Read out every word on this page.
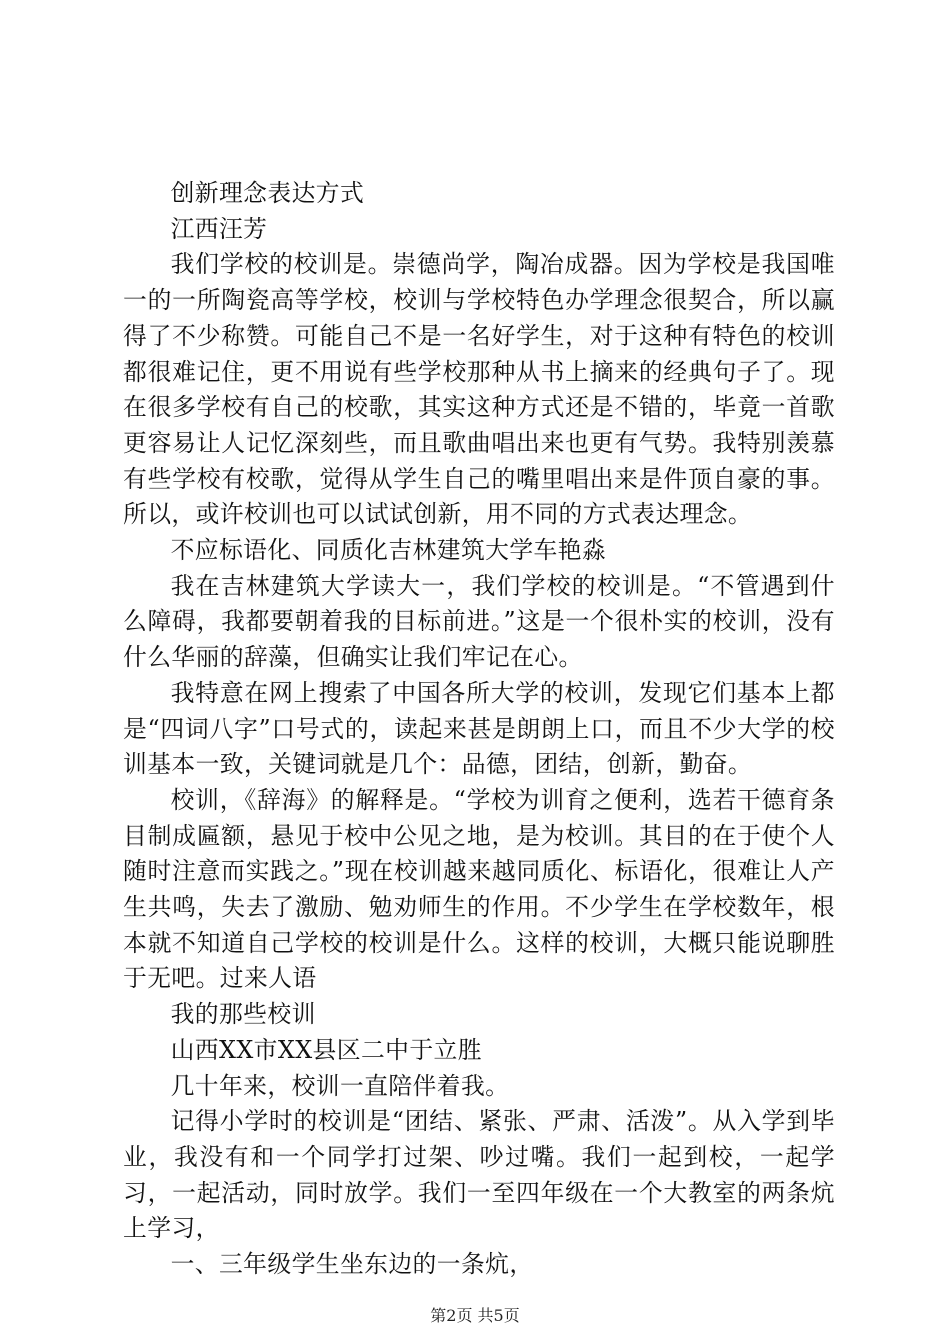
创新理念表达方式

江西汪芳

我们学校的校训是。崇德尚学，陶冶成器。因为学校是我国唯一的一所陶瓷高等学校，校训与学校特色办学理念很契合，所以赢得了不少称赞。可能自己不是一名好学生，对于这种有特色的校训都很难记住，更不用说有些学校那种从书上摘来的经典句子了。现在很多学校有自己的校歌，其实这种方式还是不错的，毕竟一首歌更容易让人记忆深刻些，而且歌曲唱出来也更有气势。我特别羡慕有些学校有校歌，觉得从学生自己的嘴里唱出来是件顶自豪的事。所以，或许校训也可以试试创新，用不同的方式表达理念。

不应标语化、同质化吉林建筑大学车艳淼

我在吉林建筑大学读大一，我们学校的校训是。“不管遇到什么障碍，我都要朝着我的目标前进。”这是一个很朴实的校训，没有什么华丽的辞藻，但确实让我们牢记在心。

我特意在网上搜索了中国各所大学的校训，发现它们基本上都是“四词八字”口号式的，读起来甚是朗朗上口，而且不少大学的校训基本一致，关键词就是几个：品德，团结，创新，勤奋。

校训，《辞海》的解释是。“学校为训育之便利，选若干德育条目制成匾额，悬见于校中公见之地，是为校训。其目的在于使个人随时注意而实践之。”现在校训越来越同质化、标语化，很难让人产生共鸣，失去了激励、勉劝师生的作用。不少学生在学校数年，根本就不知道自己学校的校训是什么。这样的校训，大概只能说聊胜于无吧。过来人语

我的那些校训

山西XX市XX县区二中于立胜

几十年来，校训一直陪伴着我。

记得小学时的校训是“团结、紧张、严肃、活泼”。从入学到毕业，我没有和一个同学打过架、吵过嘴。我们一起到校，一起学习，一起活动，同时放学。我们一至四年级在一个大教室的两条炕上学习，

一、三年级学生坐东边的一条炕，

第2页 共5页
